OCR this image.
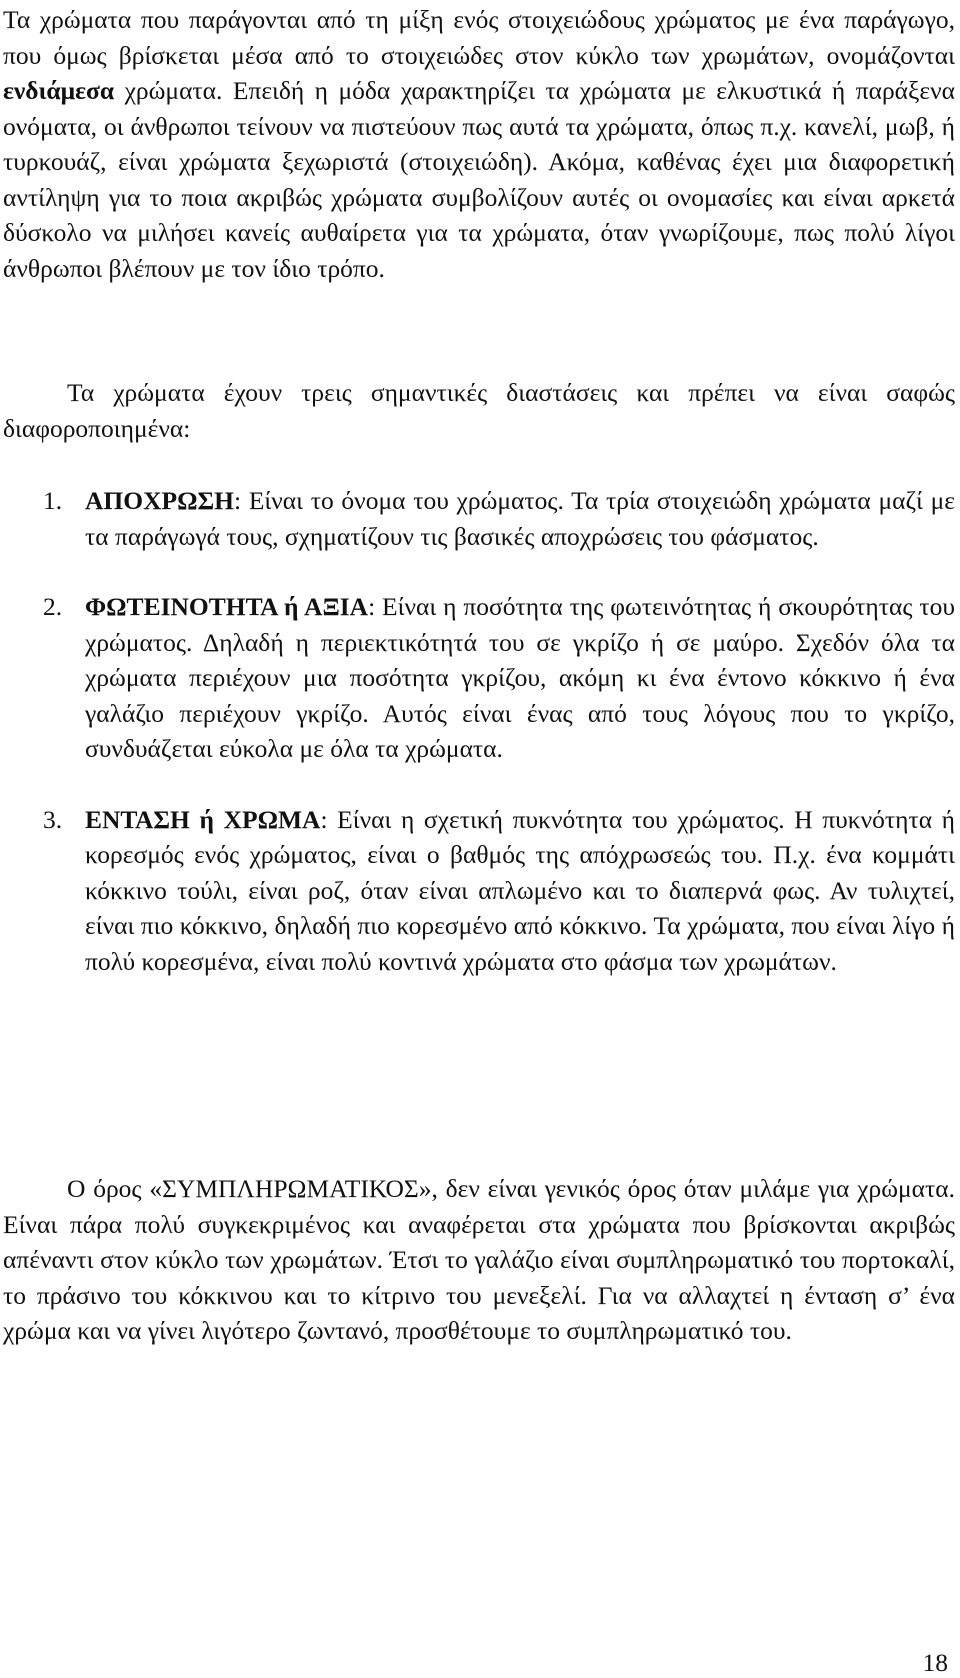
Τα χρώματα που παράγονται από τη μίξη ενός στοιχειώδους χρώματος με ένα παράγωγο, που όμως βρίσκεται μέσα από το στοιχειώδες στον κύκλο των χρωμάτων, ονομάζονται ενδιάμεσα χρώματα. Επειδή η μόδα χαρακτηρίζει τα χρώματα με ελκυστικά ή παράξενα ονόματα, οι άνθρωποι τείνουν να πιστεύουν πως αυτά τα χρώματα, όπως π.χ. κανελί, μωβ, ή τυρκουάζ, είναι χρώματα ξεχωριστά (στοιχειώδη). Ακόμα, καθένας έχει μια διαφορετική αντίληψη για το ποια ακριβώς χρώματα συμβολίζουν αυτές οι ονομασίες και είναι αρκετά δύσκολο να μιλήσει κανείς αυθαίρετα για τα χρώματα, όταν γνωρίζουμε, πως πολύ λίγοι άνθρωποι βλέπουν με τον ίδιο τρόπο.

Τα χρώματα έχουν τρεις σημαντικές διαστάσεις και πρέπει να είναι σαφώς διαφοροποιημένα:

1. ΑΠΟΧΡΩΣΗ: Είναι το όνομα του χρώματος. Τα τρία στοιχειώδη χρώματα μαζί με τα παράγωγά τους, σχηματίζουν τις βασικές αποχρώσεις του φάσματος.
2. ΦΩΤΕΙΝΟΤΗΤΑ ή ΑΞΙΑ: Είναι η ποσότητα της φωτεινότητας ή σκουρότητας του χρώματος. Δηλαδή η περιεκτικότητά του σε γκρίζο ή σε μαύρο. Σχεδόν όλα τα χρώματα περιέχουν μια ποσότητα γκρίζου, ακόμη κι ένα έντονο κόκκινο ή ένα γαλάζιο περιέχουν γκρίζο. Αυτός είναι ένας από τους λόγους που το γκρίζο, συνδυάζεται εύκολα με όλα τα χρώματα.
3. ΕΝΤΑΣΗ ή ΧΡΩΜΑ: Είναι η σχετική πυκνότητα του χρώματος. Η πυκνότητα ή κορεσμός ενός χρώματος, είναι ο βαθμός της απόχρωσεώς του. Π.χ. ένα κομμάτι κόκκινο τούλι, είναι ροζ, όταν είναι απλωμένο και το διαπερνά φως. Αν τυλιχτεί, είναι πιο κόκκινο, δηλαδή πιο κορεσμένο από κόκκινο. Τα χρώματα, που είναι λίγο ή πολύ κορεσμένα, είναι πολύ κοντινά χρώματα στο φάσμα των χρωμάτων.

Ο όρος «ΣΥΜΠΛΗΡΩΜΑΤΙΚΟΣ», δεν είναι γενικός όρος όταν μιλάμε για χρώματα. Είναι πάρα πολύ συγκεκριμένος και αναφέρεται στα χρώματα που βρίσκονται ακριβώς απέναντι στον κύκλο των χρωμάτων. Έτσι το γαλάζιο είναι συμπληρωματικό του πορτοκαλί, το πράσινο του κόκκινου και το κίτρινο του μενεξελί. Για να αλλαχτεί η ένταση σ’ ένα χρώμα και να γίνει λιγότερο ζωντανό, προσθέτουμε το συμπληρωματικό του.

18
